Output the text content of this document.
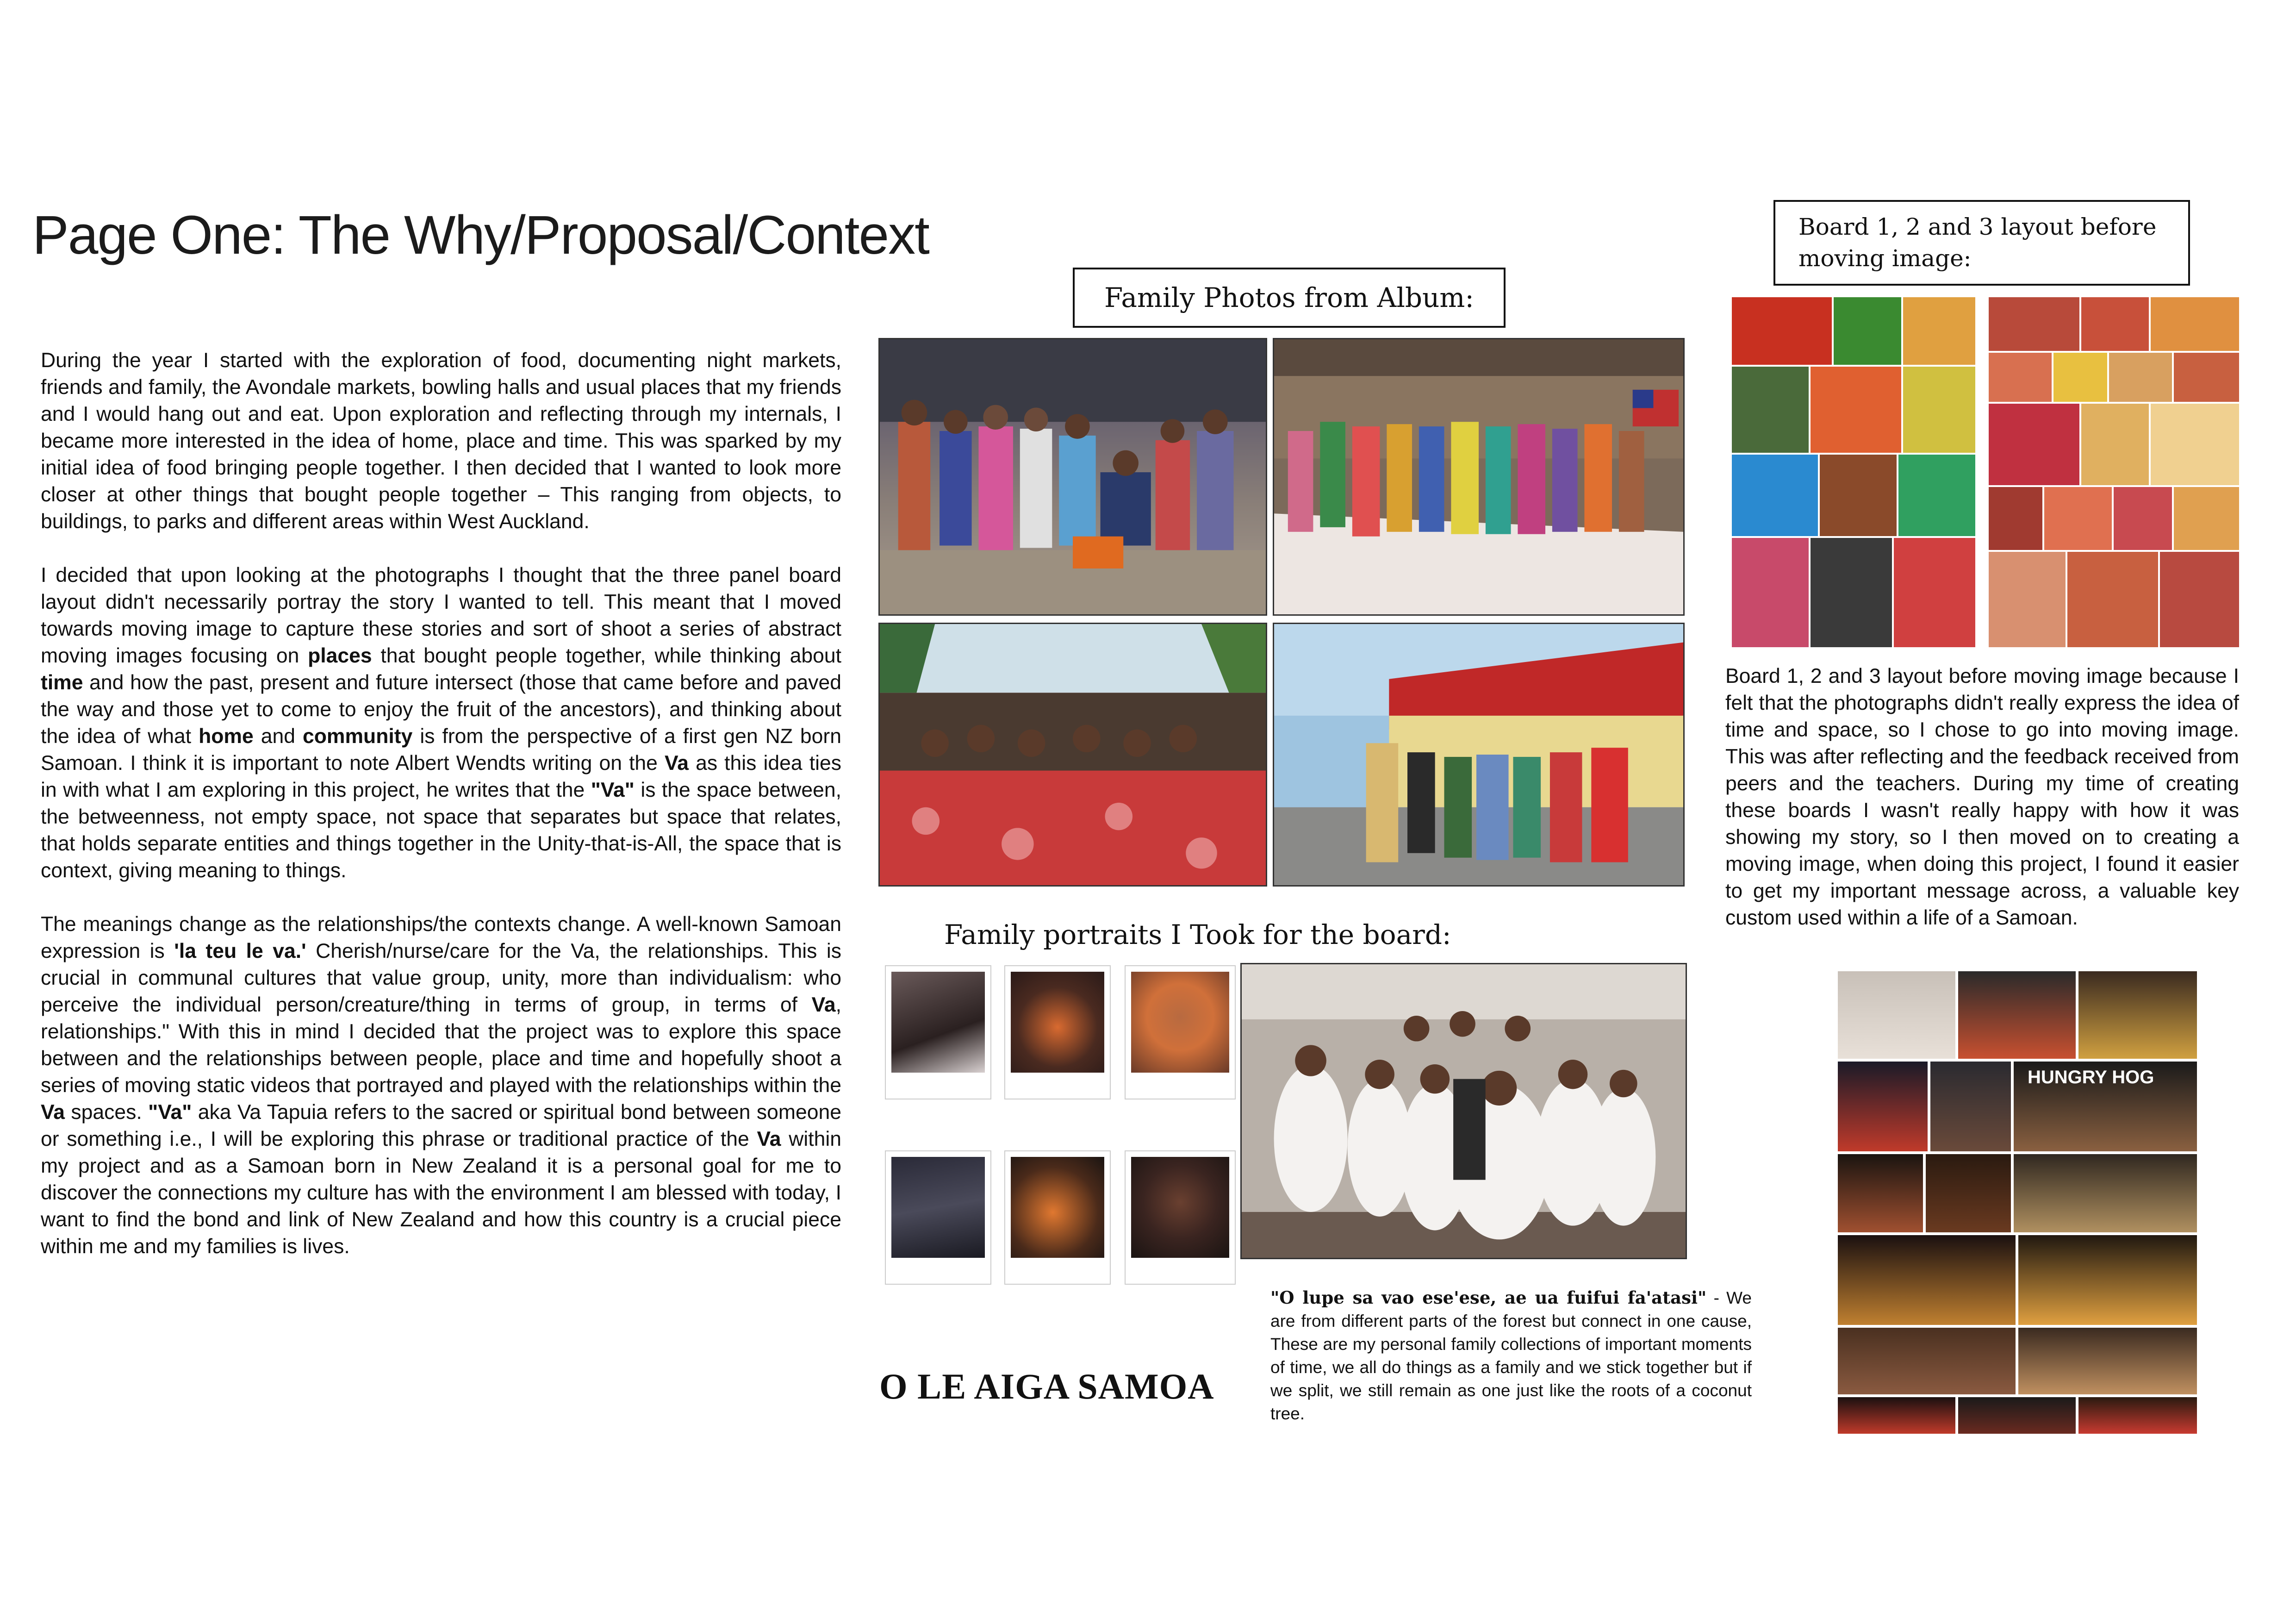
Page One: The Why/Proposal/Context

During the year I started with the exploration of food, documenting night markets, friends and family, the Avondale markets, bowling halls and usual places that my friends and I would hang out and eat. Upon exploration and reflecting through my internals, I became more interested in the idea of home, place and time. This was sparked by my initial idea of food bringing people together. I then decided that I wanted to look more closer at other things that bought people together – This ranging from objects, to buildings, to parks and different areas within West Auckland.

I decided that upon looking at the photographs I thought that the three panel board layout didn't necessarily portray the story I wanted to tell. This meant that I moved towards moving image to capture these stories and sort of shoot a series of abstract moving images focusing on places that bought people together, while thinking about time and how the past, present and future intersect (those that came before and paved the way and those yet to come to enjoy the fruit of the ancestors), and thinking about the idea of what home and community is from the perspective of a first gen NZ born Samoan. I think it is important to note Albert Wendts writing on the Va as this idea ties in with what I am exploring in this project, he writes that the "Va" is the space between, the betweenness, not empty space, not space that separates but space that relates, that holds separate entities and things together in the Unity-that-is-All, the space that is context, giving meaning to things.

The meanings change as the relationships/the contexts change. A well-known Samoan expression is 'la teu le va.' Cherish/nurse/care for the Va, the relationships. This is crucial in communal cultures that value group, unity, more than individualism: who perceive the individual person/creature/thing in terms of group, in terms of Va, relationships." With this in mind I decided that the project was to explore this space between and the relationships between people, place and time and hopefully shoot a series of moving static videos that portrayed and played with the relationships within the Va spaces. "Va" aka Va Tapuia refers to the sacred or spiritual bond between someone or something i.e., I will be exploring this phrase or traditional practice of the Va within my project and as a Samoan born in New Zealand it is a personal goal for me to discover the connections my culture has with the environment I am blessed with today, I want to find the bond and link of New Zealand and how this country is a crucial piece within me and my families is lives.

Family Photos from Album:
Family portraits I Took for the board:
"O lupe sa vao ese'ese, ae ua fuifui fa'atasi" - We are from different parts of the forest but connect in one cause, These are my personal family collections of important moments of time, we all do things as a family and we stick together but if we split, we still remain as one just like the roots of a coconut tree.
O LE AIGA SAMOA
Board 1, 2 and 3 layout before moving image:
Board 1, 2 and 3 layout before moving image because I felt that the photographs didn't really express the idea of time and space, so I chose to go into moving image. This was after reflecting and the feedback received from peers and the teachers. During my time of creating these boards I wasn't really happy with how it was showing my story, so I then moved on to creating a moving image, when doing this project, I found it easier to get my important message across, a valuable key custom used within a life of a Samoan.
HUNGRY HOG
